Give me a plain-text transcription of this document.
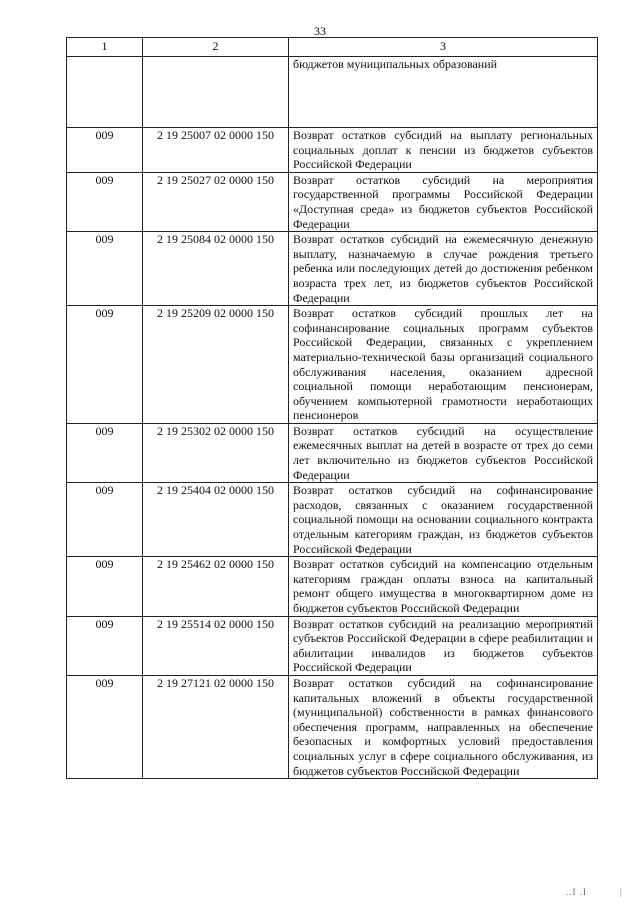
33
1	2	3
		бюджетов муниципальных образований
009	2 19 25007 02 0000 150	Возврат остатков субсидий на выплату региональных социальных доплат к пенсии из бюджетов субъектов Российской Федерации
009	2 19 25027 02 0000 150	Возврат остатков субсидий на мероприятия государственной программы Российской Федерации «Доступная среда» из бюджетов субъектов Российской Федерации
009	2 19 25084 02 0000 150	Возврат остатков субсидий на ежемесячную денежную выплату, назначаемую в случае рождения третьего ребенка или последующих детей до достижения ребенком возраста трех лет, из бюджетов субъектов Российской Федерации
009	2 19 25209 02 0000 150	Возврат остатков субсидий прошлых лет на софинансирование социальных программ субъектов Российской Федерации, связанных с укреплением материально-технической базы организаций социального обслуживания населения, оказанием адресной социальной помощи неработающим пенсионерам, обучением компьютерной грамотности неработающих пенсионеров
009	2 19 25302 02 0000 150	Возврат остатков субсидий на осуществление ежемесячных выплат на детей в возрасте от трех до семи лет включительно из бюджетов субъектов Российской Федерации
009	2 19 25404 02 0000 150	Возврат остатков субсидий на софинансирование расходов, связанных с оказанием государственной социальной помощи на основании социального контракта отдельным категориям граждан, из бюджетов субъектов Российской Федерации
009	2 19 25462 02 0000 150	Возврат остатков субсидий на компенсацию отдельным категориям граждан оплаты взноса на капитальный ремонт общего имущества в многоквартирном доме из бюджетов субъектов Российской Федерации
009	2 19 25514 02 0000 150	Возврат остатков субсидий на реализацию мероприятий субъектов Российской Федерации в сфере реабилитации и абилитации инвалидов из бюджетов субъектов Российской Федерации
009	2 19 27121 02 0000 150	Возврат остатков субсидий на софинансирование капитальных вложений в объекты государственной (муниципальной) собственности в рамках финансового обеспечения программ, направленных на обеспечение безопасных и комфортных условий предоставления социальных услуг в сфере социального обслуживания, из бюджетов субъектов Российской Федерации
..I .I	|
